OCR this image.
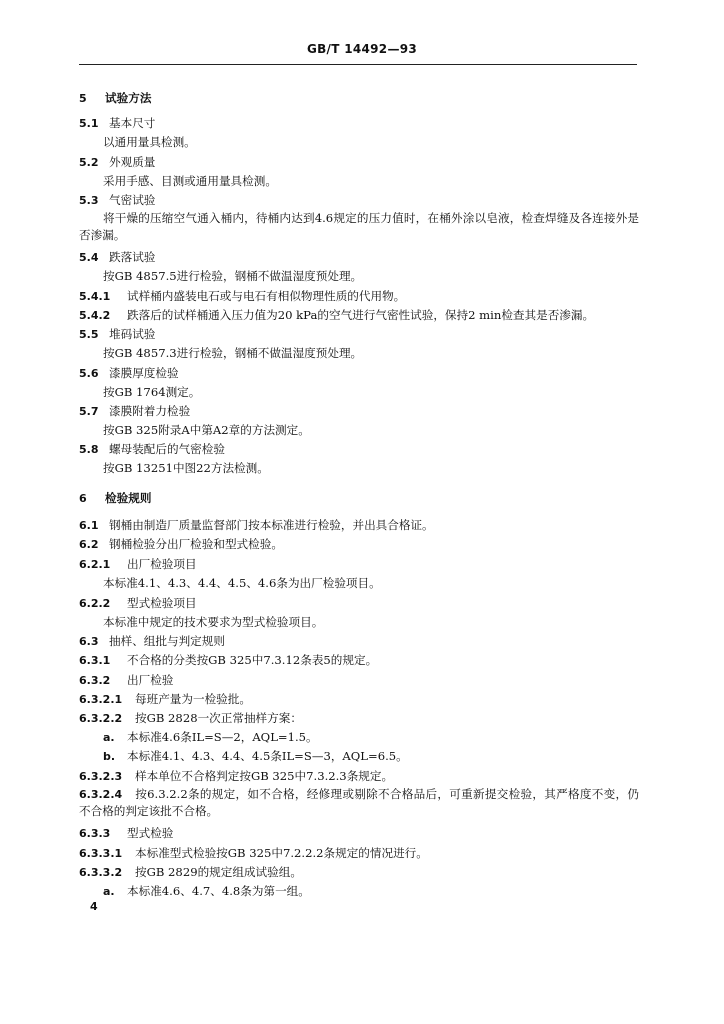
GB/T 14492—93
5 试验方法
5.1 基本尺寸
以通用量具检测。
5.2 外观质量
采用手感、目测或通用量具检测。
5.3 气密试验
将干燥的压缩空气通入桶内，待桶内达到4.6规定的压力值时，在桶外涂以皂液，检查焊缝及各连接外是否渗漏。
5.4 跌落试验
按GB 4857.5进行检验，钢桶不做温湿度预处理。
5.4.1 试样桶内盛装电石或与电石有相似物理性质的代用物。
5.4.2 跌落后的试样桶通入压力值为20 kPa的空气进行气密性试验，保持2 min检查其是否渗漏。
5.5 堆码试验
按GB 4857.3进行检验，钢桶不做温湿度预处理。
5.6 漆膜厚度检验
按GB 1764测定。
5.7 漆膜附着力检验
按GB 325附录A中第A2章的方法测定。
5.8 螺母装配后的气密检验
按GB 13251中图22方法检测。
6 检验规则
6.1 钢桶由制造厂质量监督部门按本标准进行检验，并出具合格证。
6.2 钢桶检验分出厂检验和型式检验。
6.2.1 出厂检验项目
本标准4.1、4.3、4.4、4.5、4.6条为出厂检验项目。
6.2.2 型式检验项目
本标准中规定的技术要求为型式检验项目。
6.3 抽样、组批与判定规则
6.3.1 不合格的分类按GB 325中7.3.12条表5的规定。
6.3.2 出厂检验
6.3.2.1 每班产量为一检验批。
6.3.2.2 按GB 2828一次正常抽样方案：
a. 本标准4.6条IL=S—2，AQL=1.5。
b. 本标准4.1、4.3、4.4、4.5条IL=S—3，AQL=6.5。
6.3.2.3 样本单位不合格判定按GB 325中7.3.2.3条规定。
6.3.2.4 按6.3.2.2条的规定，如不合格，经修理或剔除不合格品后，可重新提交检验，其严格度不变，仍不合格的判定该批不合格。
6.3.3 型式检验
6.3.3.1 本标准型式检验按GB 325中7.2.2.2条规定的情况进行。
6.3.3.2 按GB 2829的规定组成试验组。
a. 本标准4.6、4.7、4.8条为第一组。
4
